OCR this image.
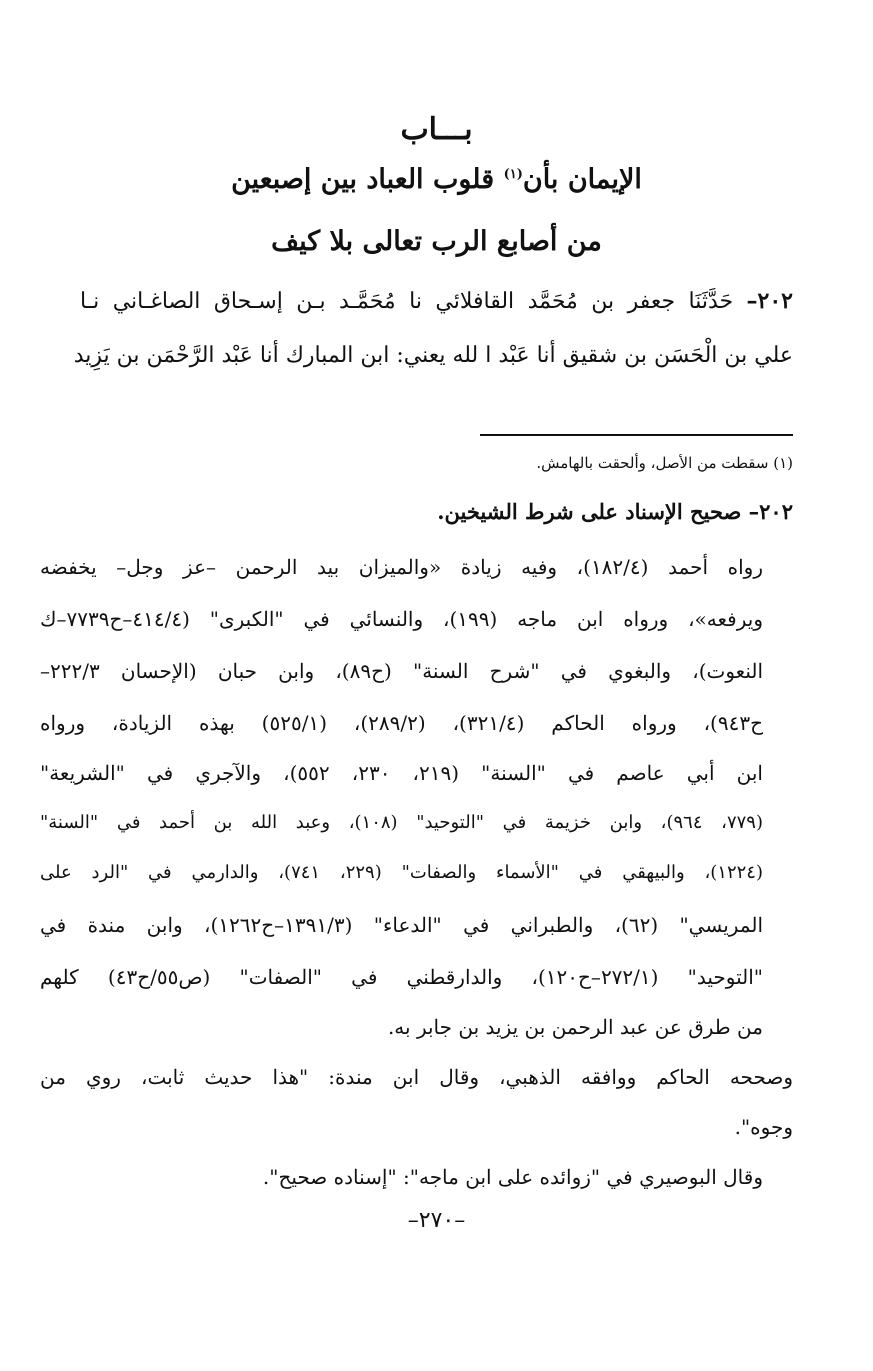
بـــاب
الإيمان بأن$^{(١)}$ قلوب العباد بين إصبعين
من أصابع الرب تعالى بلا كيف
٢٠٢– حَدَّثَنَا جعفر بن مُحَمَّد القافلائي نا مُحَمَّـد بـن إسـحاق الصاغـاني نـا
علي بن الْحَسَن بن شقيق أنا عَبْد ا لله يعني: ابن المبارك أنا عَبْد الرَّحْمَن بن يَزِيد
(١) سقطت من الأصل، وألحقت بالهامش.
٢٠٢– صحيح الإسناد على شرط الشيخين.
رواه أحمد (١٨٢/٤)، وفيه زيادة «والميزان بيد الرحمن –عز وجل– يخفضه
ويرفعه»، ورواه ابن ماجه (١٩٩)، والنسائي في "الكبرى" (٤١٤/٤–ح٧٧٣٩–ك
النعوت)، والبغوي في "شرح السنة" (ح٨٩)، وابن حبان (الإحسان ٢٢٢/٣–
ح٩٤٣)، ورواه الحاكم (٣٢١/٤)، (٢٨٩/٢)، (٥٢٥/١) بهذه الزيادة، ورواه
ابن أبي عاصم في "السنة" (٢١٩، ٢٣٠، ٥٥٢)، والآجري في "الشريعة"
(٧٧٩، ٩٦٤)، وابن خزيمة في "التوحيد" (١٠٨)، وعبد الله بن أحمد في "السنة"
(١٢٢٤)، والبيهقي في "الأسماء والصفات" (٢٢٩، ٧٤١)، والدارمي في "الرد على
المريسي" (٦٢)، والطبراني في "الدعاء" (١٣٩١/٣–ح١٢٦٢)، وابن مندة في
"التوحيد" (٢٧٢/١–ح١٢٠)، والدارقطني في "الصفات" (ص٥٥/ح٤٣) كلهم
من طرق عن عبد الرحمن بن يزيد بن جابر به.
وصححه الحاكم ووافقه الذهبي، وقال ابن مندة: "هذا حديث ثابت، روي من
وجوه".
وقال البوصيري في "زوائده على ابن ماجه": "إسناده صحيح".
–٢٧٠–
